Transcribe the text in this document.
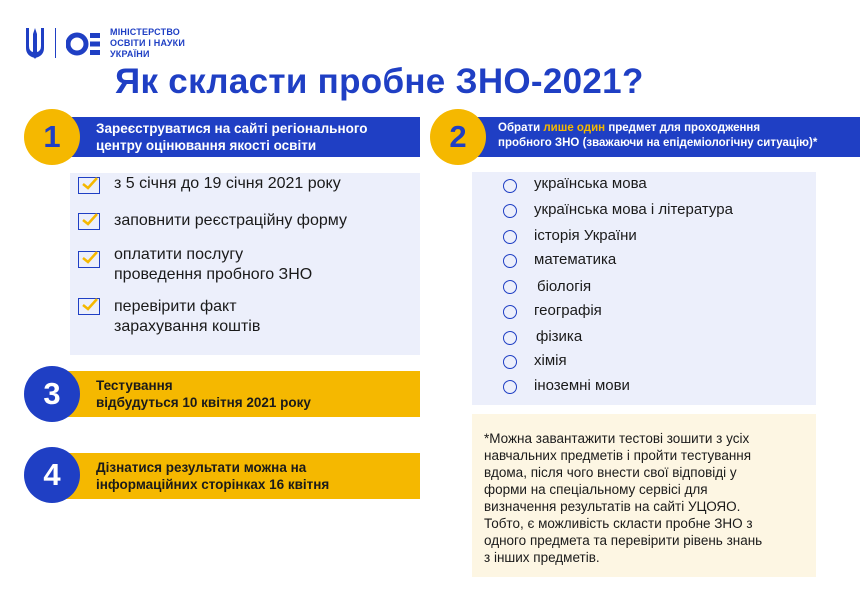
МІНІСТЕРСТВО
ОСВІТИ І НАУКИ
УКРАЇНИ
Як скласти пробне ЗНО-2021?
Зареєструватися на сайті регіонального
центру оцінювання якості освіти
1
з 5 січня до 19 січня 2021 року
заповнити реєстраційну форму
оплатити послугу
проведення пробного ЗНО
перевірити факт
зарахування коштів
Обрати лише один предмет для проходження
пробного ЗНО (зважаючи на епідеміологічну ситуацію)*
2
українська мова
українська мова і література
історія України
математика
біологія
географія
фізика
хімія
іноземні мови
Тестування
відбудуться 10 квітня 2021 року
3
Дізнатися результати можна на
інформаційних сторінках 16 квітня
4
*Можна завантажити тестові зошити з усіх
навчальних предметів і пройти тестування
вдома, після чого внести свої відповіді у
форми на спеціальному сервісі для
визначення результатів на сайті УЦОЯО.
Тобто, є можливість скласти пробне ЗНО з
одного предмета та перевірити рівень знань
з інших предметів.
